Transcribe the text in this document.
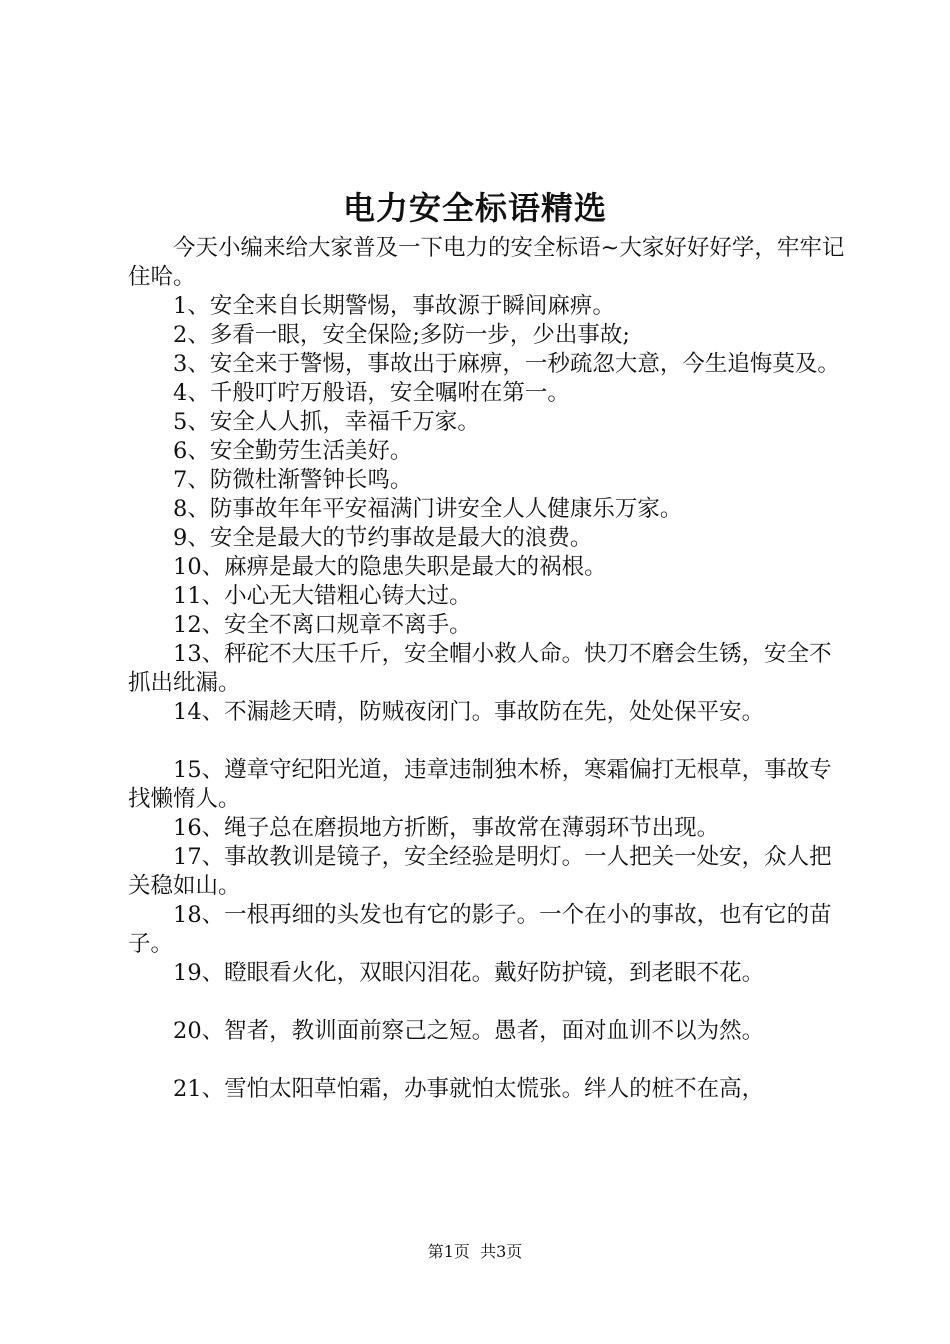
电力安全标语精选

今天小编来给大家普及一下电力的安全标语~大家好好好学，牢牢记住哈。

1、安全来自长期警惕，事故源于瞬间麻痹。

2、多看一眼，安全保险;多防一步，少出事故;

3、安全来于警惕，事故出于麻痹，一秒疏忽大意，今生追悔莫及。

4、千般叮咛万般语，安全嘱咐在第一。

5、安全人人抓，幸福千万家。

6、安全勤劳生活美好。

7、防微杜渐警钟长鸣。

8、防事故年年平安福满门讲安全人人健康乐万家。

9、安全是最大的节约事故是最大的浪费。

10、麻痹是最大的隐患失职是最大的祸根。

11、小心无大错粗心铸大过。

12、安全不离口规章不离手。

13、秤砣不大压千斤，安全帽小救人命。快刀不磨会生锈，安全不抓出纰漏。

14、不漏趁天晴，防贼夜闭门。事故防在先，处处保平安。

15、遵章守纪阳光道，违章违制独木桥，寒霜偏打无根草，事故专找懒惰人。

16、绳子总在磨损地方折断，事故常在薄弱环节出现。

17、事故教训是镜子，安全经验是明灯。一人把关一处安，众人把关稳如山。

18、一根再细的头发也有它的影子。一个在小的事故，也有它的苗子。

19、瞪眼看火化，双眼闪泪花。戴好防护镜，到老眼不花。

20、智者，教训面前察己之短。愚者，面对血训不以为然。

21、雪怕太阳草怕霜，办事就怕太慌张。绊人的桩不在高，

第1页 共3页
